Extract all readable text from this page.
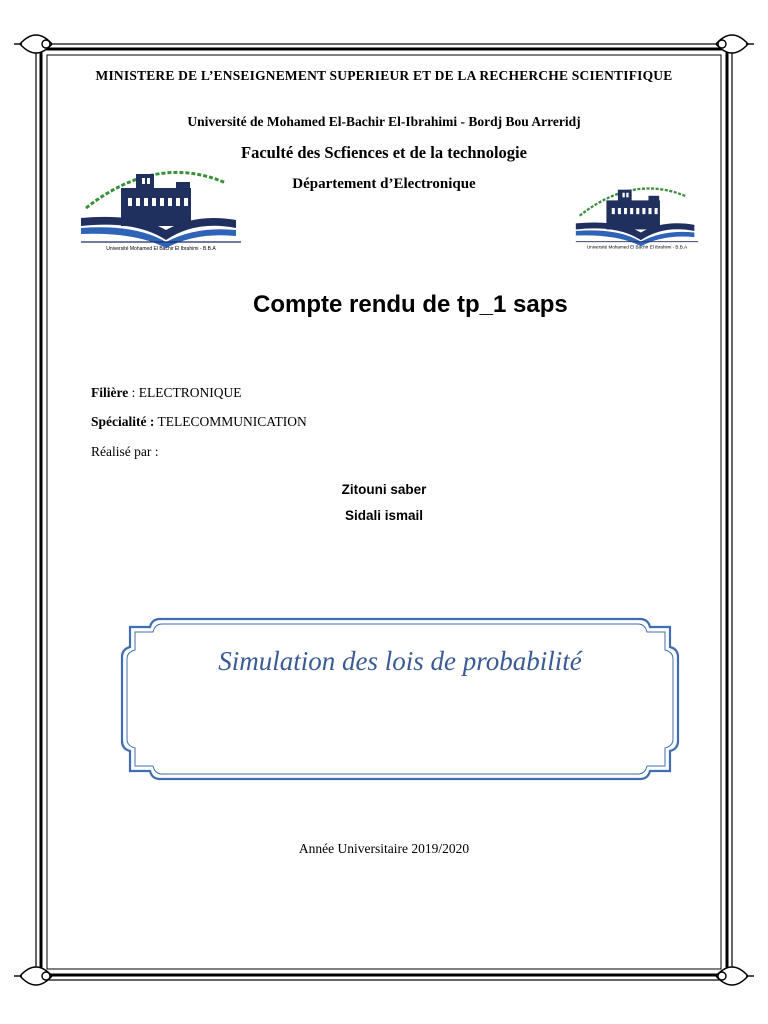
MINISTERE DE L’ENSEIGNEMENT SUPERIEUR ET DE LA RECHERCHE SCIENTIFIQUE
Université de Mohamed El-Bachir El-Ibrahimi - Bordj Bou Arreridj
Faculté des Scfiences et de la technologie
Département d’Electronique
Université Mohamed El Bachir El Ibrahimi - B.B.A	Université Mohamed El Bachir El Ibrahimi - B.B.A
Compte rendu de tp_1 saps
Filière : ELECTRONIQUE
Spécialité : TELECOMMUNICATION
Réalisé par :
Zitouni saber
Sidali ismail
Simulation des lois de probabilité
Année Universitaire 2019/2020
